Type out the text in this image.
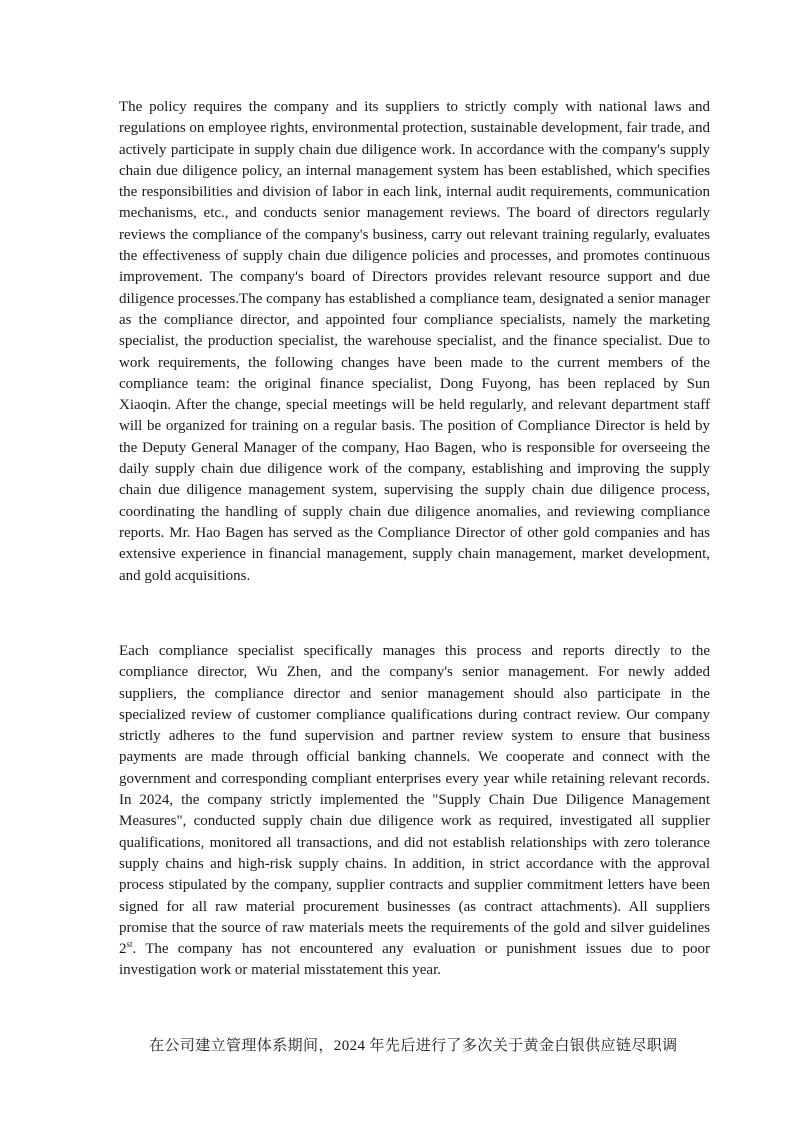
The policy requires the company and its suppliers to strictly comply with national laws and regulations on employee rights, environmental protection, sustainable development, fair trade, and actively participate in supply chain due diligence work. In accordance with the company's supply chain due diligence policy, an internal management system has been established, which specifies the responsibilities and division of labor in each link, internal audit requirements, communication mechanisms, etc., and conducts senior management reviews. The board of directors regularly reviews the compliance of the company's business, carry out relevant training regularly, evaluates the effectiveness of supply chain due diligence policies and processes, and promotes continuous improvement. The company's board of Directors provides relevant resource support and due diligence processes.The company has established a compliance team, designated a senior manager as the compliance director, and appointed four compliance specialists, namely the marketing specialist, the production specialist, the warehouse specialist, and the finance specialist. Due to work requirements, the following changes have been made to the current members of the compliance team: the original finance specialist, Dong Fuyong, has been replaced by Sun Xiaoqin. After the change, special meetings will be held regularly, and relevant department staff will be organized for training on a regular basis. The position of Compliance Director is held by the Deputy General Manager of the company, Hao Bagen, who is responsible for overseeing the daily supply chain due diligence work of the company, establishing and improving the supply chain due diligence management system, supervising the supply chain due diligence process, coordinating the handling of supply chain due diligence anomalies, and reviewing compliance reports. Mr. Hao Bagen has served as the Compliance Director of other gold companies and has extensive experience in financial management, supply chain management, market development, and gold acquisitions.

Each compliance specialist specifically manages this process and reports directly to the compliance director, Wu Zhen, and the company's senior management. For newly added suppliers, the compliance director and senior management should also participate in the specialized review of customer compliance qualifications during contract review. Our company strictly adheres to the fund supervision and partner review system to ensure that business payments are made through official banking channels. We cooperate and connect with the government and corresponding compliant enterprises every year while retaining relevant records. In 2024, the company strictly implemented the "Supply Chain Due Diligence Management Measures", conducted supply chain due diligence work as required, investigated all supplier qualifications, monitored all transactions, and did not establish relationships with zero tolerance supply chains and high-risk supply chains. In addition, in strict accordance with the approval process stipulated by the company, supplier contracts and supplier commitment letters have been signed for all raw material procurement businesses (as contract attachments). All suppliers promise that the source of raw materials meets the requirements of the gold and silver guidelines 2st. The company has not encountered any evaluation or punishment issues due to poor investigation work or material misstatement this year.

在公司建立管理体系期间，2024 年先后进行了多次关于黄金白银供应链尽职调
